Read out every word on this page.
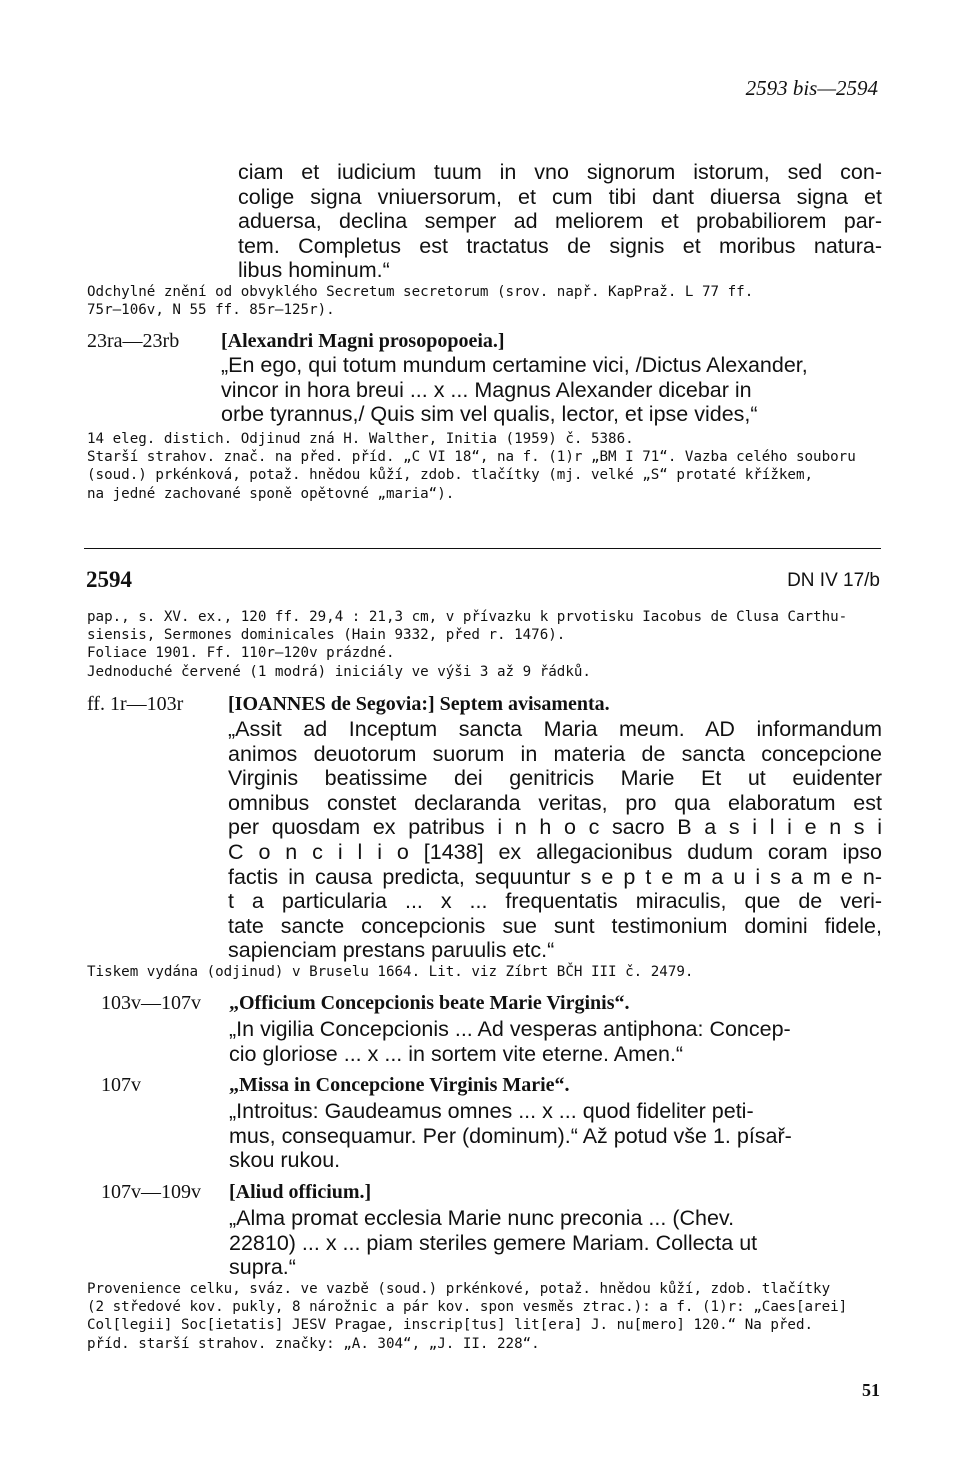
2593 bis—2594
ciam et iudicium tuum in vno signorum istorum, sed con-
colige signa vniuersorum, et cum tibi dant diuersa signa et
aduersa, declina semper ad meliorem et probabiliorem par-
tem. Completus est tractatus de signis et moribus natura-
libus hominum.“
Odchylné znění od obvyklého Secretum secretorum (srov. např. KapPraž. L 77 ff.
75r—106v, N 55 ff. 85r—125r).
23ra—23rb [Alexandri Magni prosopopoeia.]
„En ego, qui totum mundum certamine vici, /Dictus Alexander,
vincor in hora breui ... x ... Magnus Alexander dicebar in
orbe tyrannus,/ Quis sim vel qualis, lector, et ipse vides,“
14 eleg. distich. Odjinud zná H. Walther, Initia (1959) č. 5386.
Starší strahov. znač. na před. příd. „C VI 18“, na f. (1)r „BM I 71“. Vazba celého souboru
(soud.) prkénková, potaž. hnědou kůží, zdob. tlačítky (mj. velké „S“ protaté křížkem,
na jedné zachované sponě opětovné „maria“).
2594	DN IV 17/b
pap., s. XV. ex., 120 ff. 29,4 : 21,3 cm, v přívazku k prvotisku Iacobus de Clusa Carthu-
siensis, Sermones dominicales (Hain 9332, před r. 1476).
Foliace 1901. Ff. 110r—120v prázdné.
Jednoduché červené (1 modrá) iniciály ve výši 3 až 9 řádků.
ff. 1r—103r [IOANNES de Segovia:] Septem avisamenta.
„Assit ad Inceptum sancta Maria meum. AD informandum
animos deuotorum suorum in materia de sancta concepcione
Virginis beatissime dei genitricis Marie Et ut euidenter
omnibus constet declaranda veritas, pro qua elaboratum est
per quosdam ex patribus i n h o c sacro B a s i l i e n s i
C o n c i l i o [1438] ex allegacionibus dudum coram ipso
factis in causa predicta, sequuntur s e p t e m a u i s a m e n-
t a particularia ... x ... frequentatis miraculis, que de veri-
tate sancte concepcionis sue sunt testimonium domini fidele,
sapienciam prestans paruulis etc.“
Tiskem vydána (odjinud) v Bruselu 1664. Lit. viz Zíbrt BČH III č. 2479.
103v—107v „Officium Concepcionis beate Marie Virginis“.
„In vigilia Concepcionis ... Ad vesperas antiphona: Concep-
cio gloriose ... x ... in sortem vite eterne. Amen.“
107v	„Missa in Concepcione Virginis Marie“.
„Introitus: Gaudeamus omnes ... x ... quod fideliter peti-
mus, consequamur. Per (dominum).“ Až potud vše 1. písař-
skou rukou.
107v—109v [Aliud officium.]
„Alma promat ecclesia Marie nunc preconia ... (Chev.
22810) ... x ... piam steriles gemere Mariam. Collecta ut
supra.“
Provenience celku, sváz. ve vazbě (soud.) prkénkové, potaž. hnědou kůží, zdob. tlačítky
(2 středové kov. pukly, 8 nárožnic a pár kov. spon vesměs ztrac.): a f. (1)r: „Caes[arei]
Col[legii] Soc[ietatis] JESV Pragae, inscrip[tus] lit[era] J. nu[mero] 120.“ Na před.
příd. starší strahov. značky: „A. 304“, „J. II. 228“.
51
